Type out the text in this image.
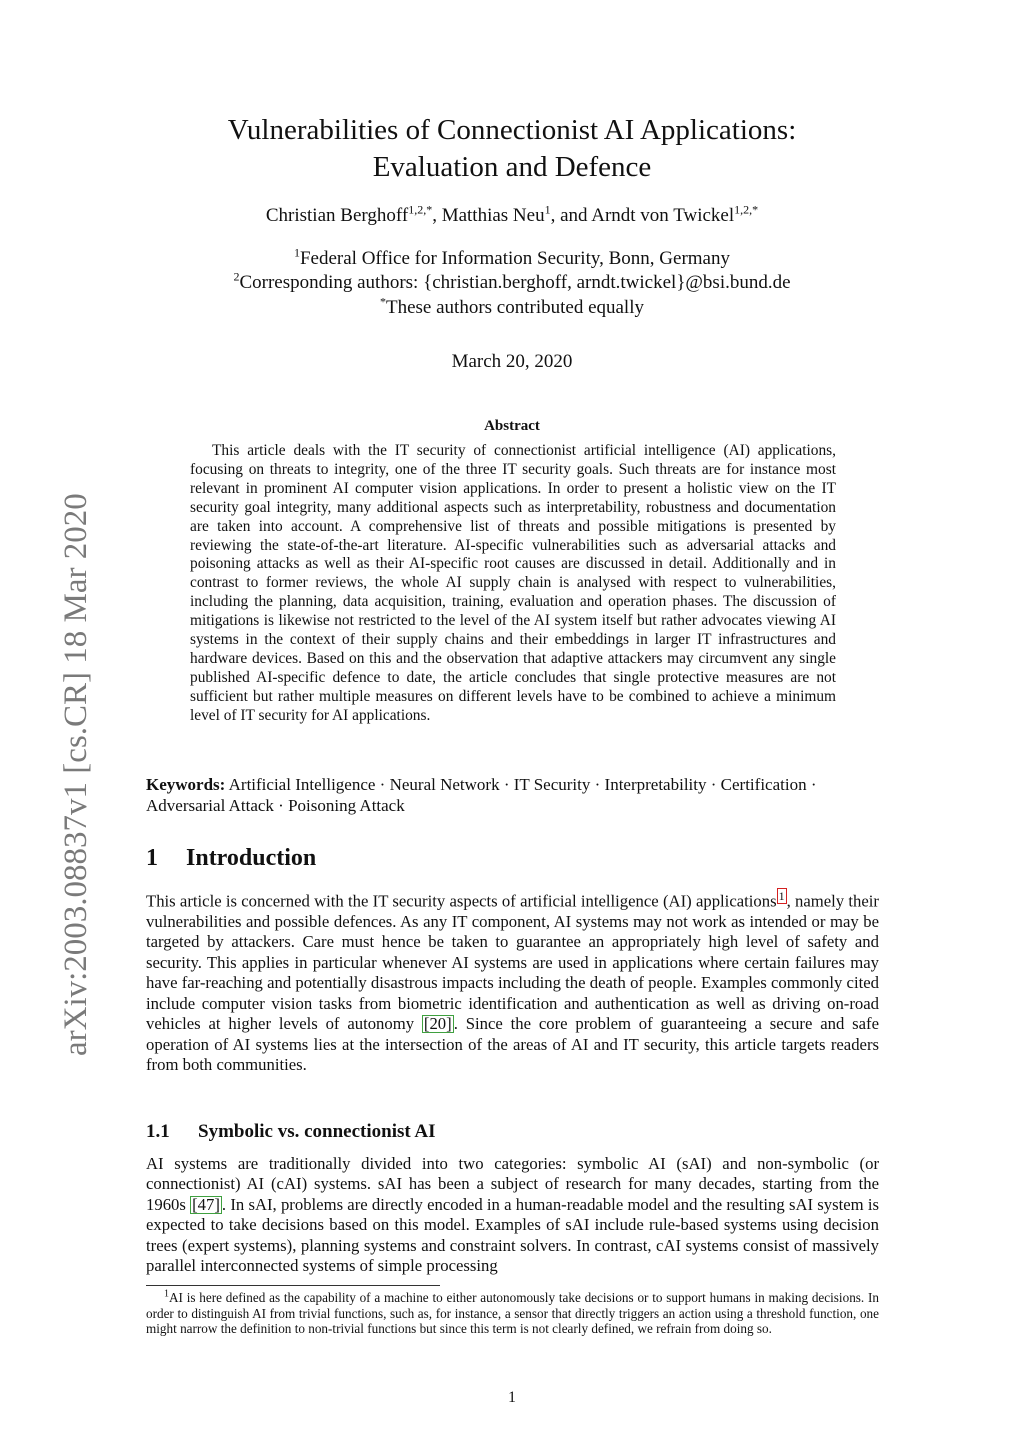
arXiv:2003.08837v1 [cs.CR] 18 Mar 2020
Vulnerabilities of Connectionist AI Applications:
Evaluation and Defence
Christian Berghoff$^{1,2,*}$, Matthias Neu$^1$, and Arndt von Twickel$^{1,2,*}$
$^1$Federal Office for Information Security, Bonn, Germany
$^2$Corresponding authors: {christian.berghoff, arndt.twickel}@bsi.bund.de
*These authors contributed equally
March 20, 2020
Abstract
This article deals with the IT security of connectionist artificial intelligence (AI) applications, focusing on threats to integrity, one of the three IT security goals. Such threats are for instance most relevant in prominent AI computer vision applications. In order to present a holistic view on the IT security goal integrity, many additional aspects such as interpretability, robustness and documentation are taken into account. A comprehensive list of threats and possible mitigations is presented by reviewing the state-of-the-art literature. AI-specific vulnerabilities such as adversarial attacks and poisoning attacks as well as their AI-specific root causes are discussed in detail. Additionally and in contrast to former reviews, the whole AI supply chain is analysed with respect to vulnerabilities, including the planning, data acquisition, training, evaluation and operation phases. The discussion of mitigations is likewise not restricted to the level of the AI system itself but rather advocates viewing AI systems in the context of their supply chains and their embeddings in larger IT infrastructures and hardware devices. Based on this and the observation that adaptive attackers may circumvent any single published AI-specific defence to date, the article concludes that single protective measures are not sufficient but rather multiple measures on different levels have to be combined to achieve a minimum level of IT security for AI applications.
Keywords: Artificial Intelligence · Neural Network · IT Security · Interpretability · Certification · Adversarial Attack · Poisoning Attack
1 Introduction
This article is concerned with the IT security aspects of artificial intelligence (AI) applications 1 , namely their vulnerabilities and possible defences. As any IT component, AI systems may not work as intended or may be targeted by attackers. Care must hence be taken to guarantee an appropriately high level of safety and security. This applies in particular whenever AI systems are used in applications where certain failures may have far-reaching and potentially disastrous impacts including the death of people. Examples commonly cited include computer vision tasks from biometric identification and authentication as well as driving on-road vehicles at higher levels of autonomy [20] . Since the core problem of guaranteeing a secure and safe operation of AI systems lies at the intersection of the areas of AI and IT security, this article targets readers from both communities.
1.1 Symbolic vs. connectionist AI
AI systems are traditionally divided into two categories: symbolic AI (sAI) and non-symbolic (or connectionist) AI (cAI) systems. sAI has been a subject of research for many decades, starting from the 1960s [47] . In sAI, problems are directly encoded in a human-readable model and the resulting sAI system is expected to take decisions based on this model. Examples of sAI include rule-based systems using decision trees (expert systems), planning systems and constraint solvers. In contrast, cAI systems consist of massively parallel interconnected systems of simple processing
$^1$AI is here defined as the capability of a machine to either autonomously take decisions or to support humans in making decisions. In order to distinguish AI from trivial functions, such as, for instance, a sensor that directly triggers an action using a threshold function, one might narrow the definition to non-trivial functions but since this term is not clearly defined, we refrain from doing so.
1
